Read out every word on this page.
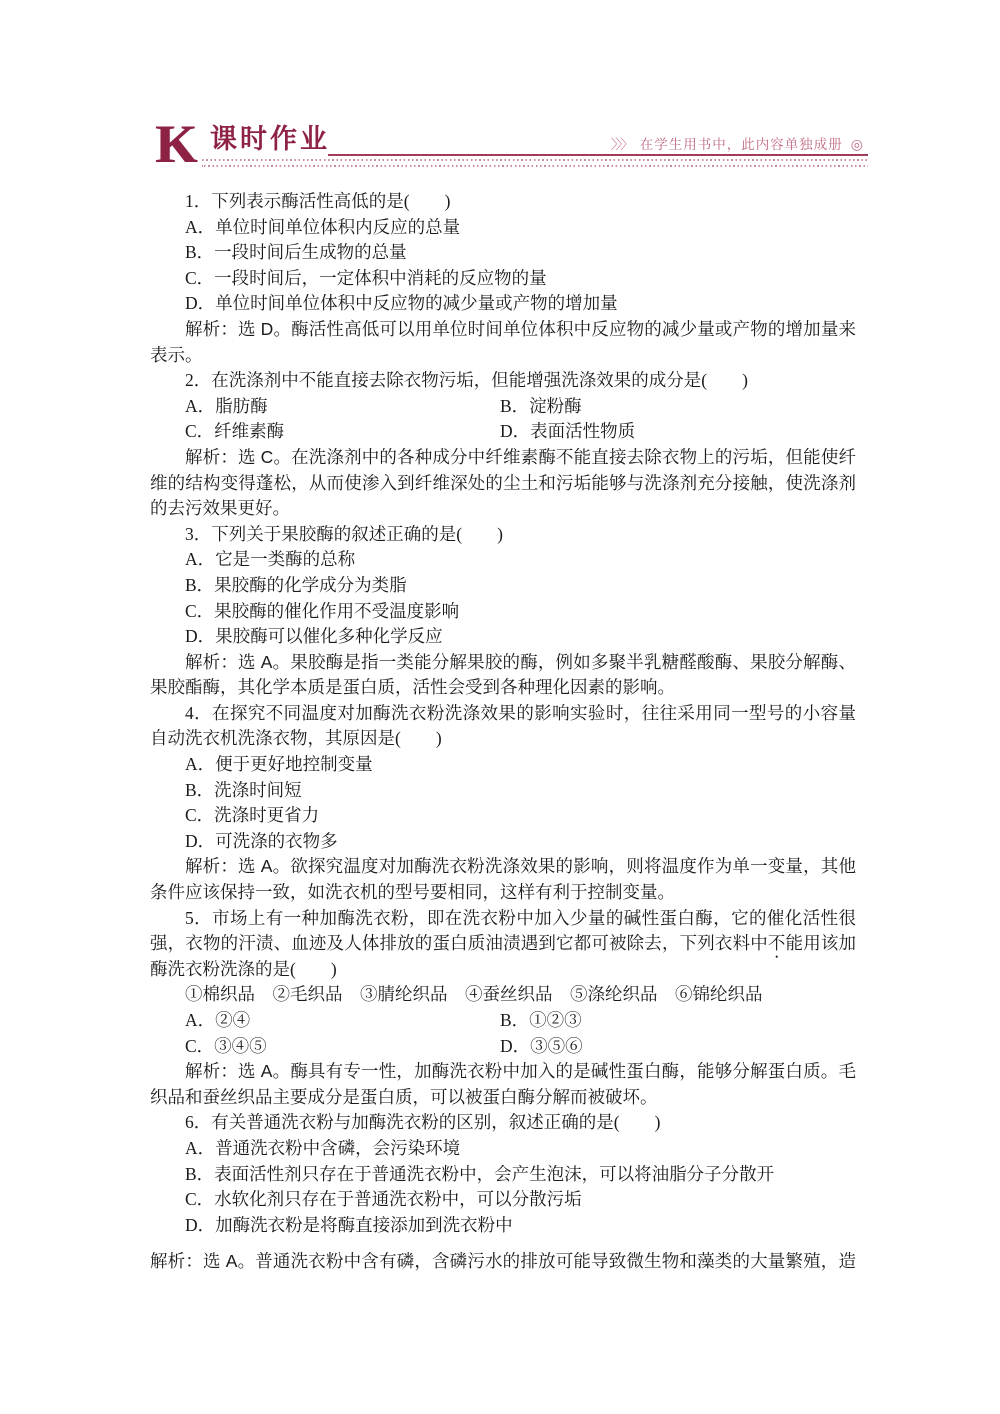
K 课时作业	〉〉〉 在学生用书中，此内容单独成册 ◎
1．下列表示酶活性高低的是(　　)
A．单位时间单位体积内反应的总量
B．一段时间后生成物的总量
C．一段时间后，一定体积中消耗的反应物的量
D．单位时间单位体积中反应物的减少量或产物的增加量
解析：选 D。酶活性高低可以用单位时间单位体积中反应物的减少量或产物的增加量来
表示。
2．在洗涤剂中不能直接去除衣物污垢，但能增强洗涤效果的成分是(　　)
A．脂肪酶	B．淀粉酶
C．纤维素酶	D．表面活性物质
解析：选 C。在洗涤剂中的各种成分中纤维素酶不能直接去除衣物上的污垢，但能使纤
维的结构变得蓬松，从而使渗入到纤维深处的尘土和污垢能够与洗涤剂充分接触，使洗涤剂
的去污效果更好。
3．下列关于果胶酶的叙述正确的是(　　)
A．它是一类酶的总称
B．果胶酶的化学成分为类脂
C．果胶酶的催化作用不受温度影响
D．果胶酶可以催化多种化学反应
解析：选 A。果胶酶是指一类能分解果胶的酶，例如多聚半乳糖醛酸酶、果胶分解酶、
果胶酯酶，其化学本质是蛋白质，活性会受到各种理化因素的影响。
4．在探究不同温度对加酶洗衣粉洗涤效果的影响实验时，往往采用同一型号的小容量
自动洗衣机洗涤衣物，其原因是(　　)
A．便于更好地控制变量
B．洗涤时间短
C．洗涤时更省力
D．可洗涤的衣物多
解析：选 A。欲探究温度对加酶洗衣粉洗涤效果的影响，则将温度作为单一变量，其他
条件应该保持一致，如洗衣机的型号要相同，这样有利于控制变量。
5．市场上有一种加酶洗衣粉，即在洗衣粉中加入少量的碱性蛋白酶，它的催化活性很
强，衣物的汗渍、血迹及人体排放的蛋白质油渍遇到它都可被除去，下列衣料中不能用该加
酶洗衣粉洗涤的是(　　)
①棉织品　②毛织品　③腈纶织品　④蚕丝织品　⑤涤纶织品　⑥锦纶织品
A．②④	B．①②③
C．③④⑤	D．③⑤⑥
解析：选 A。酶具有专一性，加酶洗衣粉中加入的是碱性蛋白酶，能够分解蛋白质。毛
织品和蚕丝织品主要成分是蛋白质，可以被蛋白酶分解而被破坏。
6．有关普通洗衣粉与加酶洗衣粉的区别，叙述正确的是(　　)
A．普通洗衣粉中含磷，会污染环境
B．表面活性剂只存在于普通洗衣粉中，会产生泡沫，可以将油脂分子分散开
C．水软化剂只存在于普通洗衣粉中，可以分散污垢
D．加酶洗衣粉是将酶直接添加到洗衣粉中
解析：选 A。普通洗衣粉中含有磷，含磷污水的排放可能导致微生物和藻类的大量繁殖，造
